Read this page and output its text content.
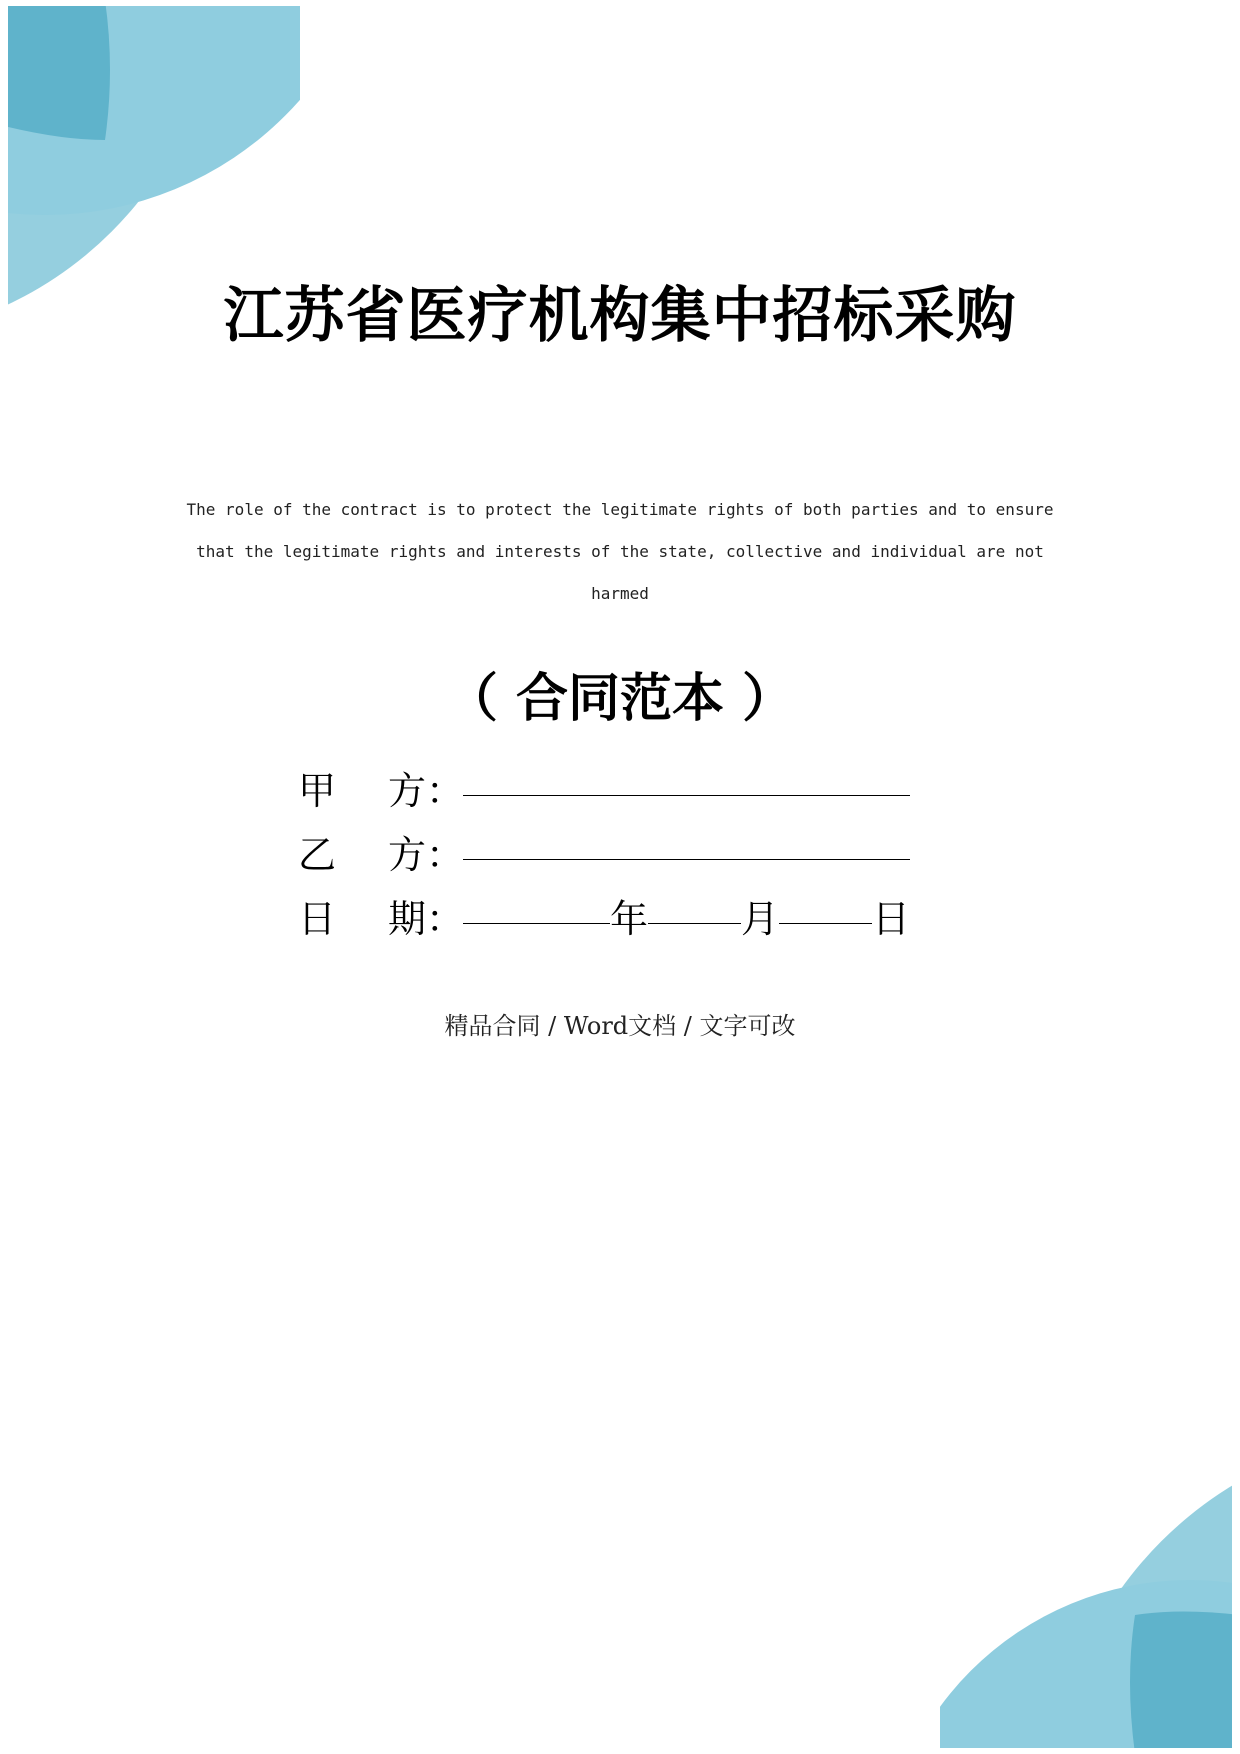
江苏省医疗机构集中招标采购
The role of the contract is to protect the legitimate rights of both parties and to ensure
that the legitimate rights and interests of the state, collective and individual are not
harmed
（ 合同范本 ）
甲 方：
乙 方：
日 期：	年 月 日
精品合同 / Word文档 / 文字可改
